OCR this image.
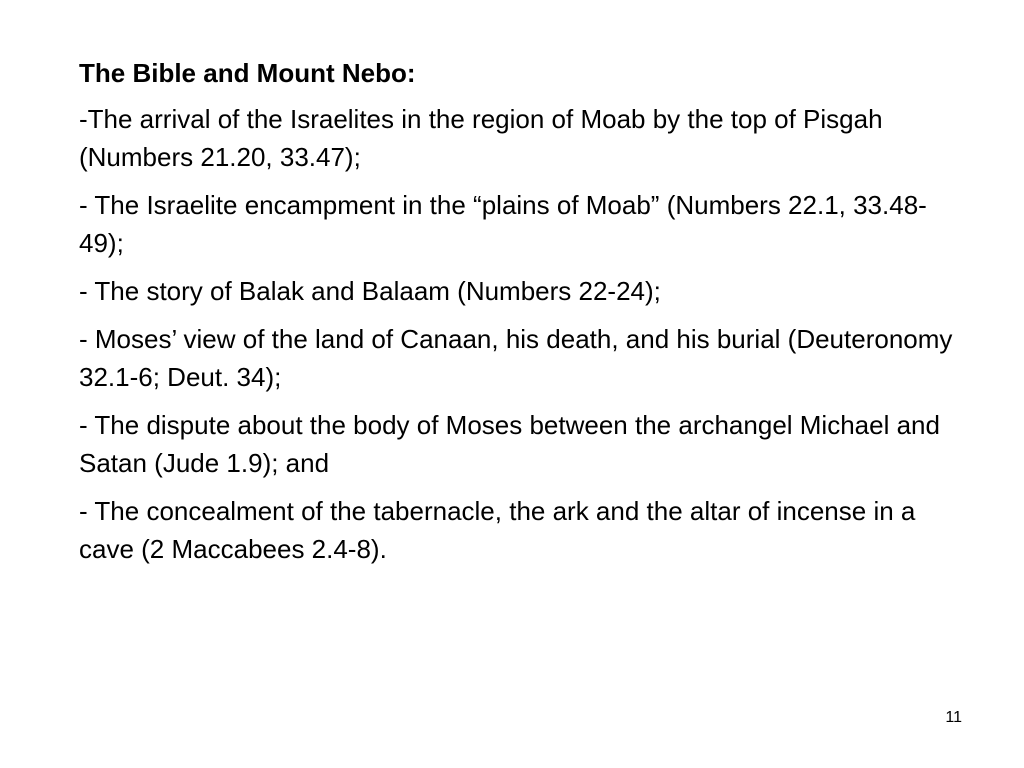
The Bible and Mount Nebo:
-The arrival of the Israelites in the region of Moab by the top of Pisgah (Numbers 21.20, 33.47);
- The Israelite encampment in the “plains of Moab” (Numbers 22.1, 33.48-49);
- The story of Balak and Balaam (Numbers 22-24);
- Moses’ view of the land of Canaan, his death, and his burial (Deuteronomy 32.1-6; Deut. 34);
- The dispute about the body of Moses between the archangel Michael and Satan (Jude 1.9); and
- The concealment of the tabernacle, the ark and the altar of incense in a cave (2 Maccabees 2.4-8).
11
